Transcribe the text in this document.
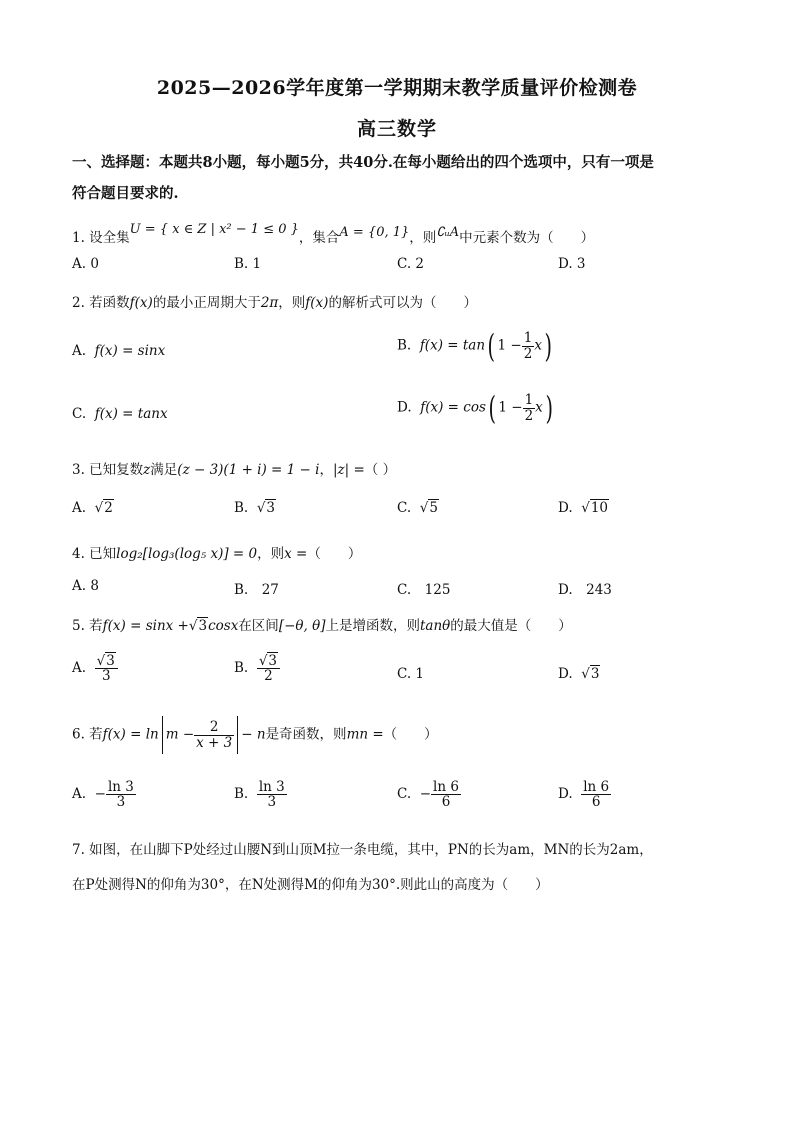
2025—2026学年度第一学期期末教学质量评价检测卷
高三数学
一、选择题：本题共8小题，每小题5分，共40分.在每小题给出的四个选项中，只有一项是
符合题目要求的.
1. 设全集U = { x ∈ Z | x² − 1 ≤ 0 }，集合A = {0, 1}，则∁ᵤA中元素个数为（　　）
A. 0	B. 1	C. 2	D. 3
2. 若函数f(x)的最小正周期大于2π，则f(x)的解析式可以为（　　）
A. f(x) = sinx	B. f(x) = tan( $1 - \frac{1}{2} x$)
C. f(x) = tanx	D. f(x) = cos( $1 - \frac{1}{2} x$)
3. 已知复数z满足(z − 3)(1 + i) = 1 − i，|z| =（ ）
A. √2	B. √3	C. √5	D. √10
4. 已知log₂[log₃(log₅ x)] = 0，则x =（　　）
A. 8	B.　27	C.　125	D.　243
5. 若f(x) = sinx +√3cosx在区间[−θ, θ]上是增函数，则tanθ的最大值是（　　）
A. $\frac{√3}{3}$	B. $\frac{√3}{2}$	C. 1	D. √3
6. 若$f(x) = \ln m - \frac{2}{x + 3} - n$是奇函数，则mn =（　　）
A. − $\frac{\ln 3}{3}$	B. $\frac{\ln 3}{3}$	C. − $\frac{\ln 6}{6}$	D. $\frac{\ln 6}{6}$
7. 如图，在山脚下P处经过山腰N到山顶M拉一条电缆，其中，PN的长为am，MN的长为2am，
在P处测得N的仰角为30°，在N处测得M的仰角为30°.则此山的高度为（　　）
